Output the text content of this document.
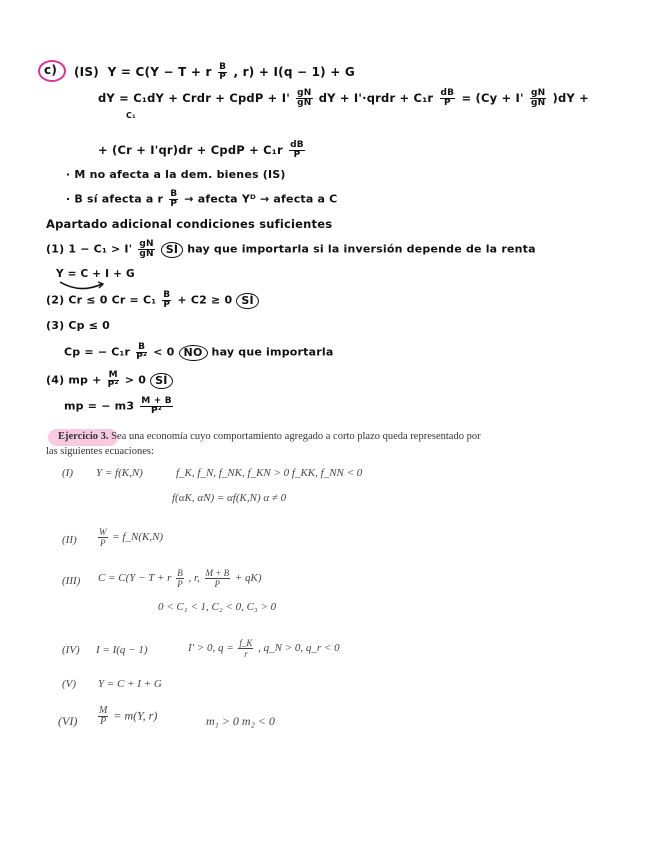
c) (IS) Y = C(Y − T + r $\frac{B}{P}$ , r) + I(q − 1) + G
dY = C₁dY + Crdr + CpdP + $I' \frac{gN}{gN}$ dY + I'·qrdr + $C_1r \frac{dB}{P} = (Cy + I' \frac{gN}{gN} )dY$ +
C₁
+ (Cr + I'qr)dr + CpdP + $C_1r \frac{dB}{P}$
· M no afecta a la dem. bienes (IS)
· B sí afecta a r $\frac{B}{P}$ → afecta Yᴰ → afecta a C
Apartado adicional condiciones suficientes
(1) $1 - C_1 > I' \frac{gN}{gN}$ SÍ hay que importarla si la inversión depende de la renta
Y = C + I + G
(2) Cr ≤ 0 $Cr = C_1 \frac{B}{P} + C2 \ge 0$ SÍ
(3) Cp ≤ 0
Cp = − $C_1r \frac{B}{\text{P²}} < 0$ NO hay que importarla
(4) mp + $\frac{M}{\text{P²}} > 0$ SÍ
mp = − $m3 \frac{M + B}{\text{P²}}$
Ejercicio 3. Sea una economía cuyo comportamiento agregado a corto plazo queda representado por
las siguientes ecuaciones:
(I) Y = f(K,N)	f_K, f_N, f_NK, f_KN > 0 f_KK, f_NN < 0
f(αK, αN) = αf(K,N) α ≠ 0
$(II) \frac{W}{P}$ = f_N(K,N)
(III) C = C(Y − T + r $\frac{B}{P}$ , r, $\frac{M + B}{P} + qK$)
0 < C₁ < 1, C₂ < 0, C₃ > 0
(IV) I = I(q − 1)	I' > 0, $q = \frac{f\_K}{r}$ , q_N > 0, q_r < 0
(V) Y = C + I + G
$(VI) \frac{M}{P} = m(Y$, r)	m₁ > 0 m₂ < 0
